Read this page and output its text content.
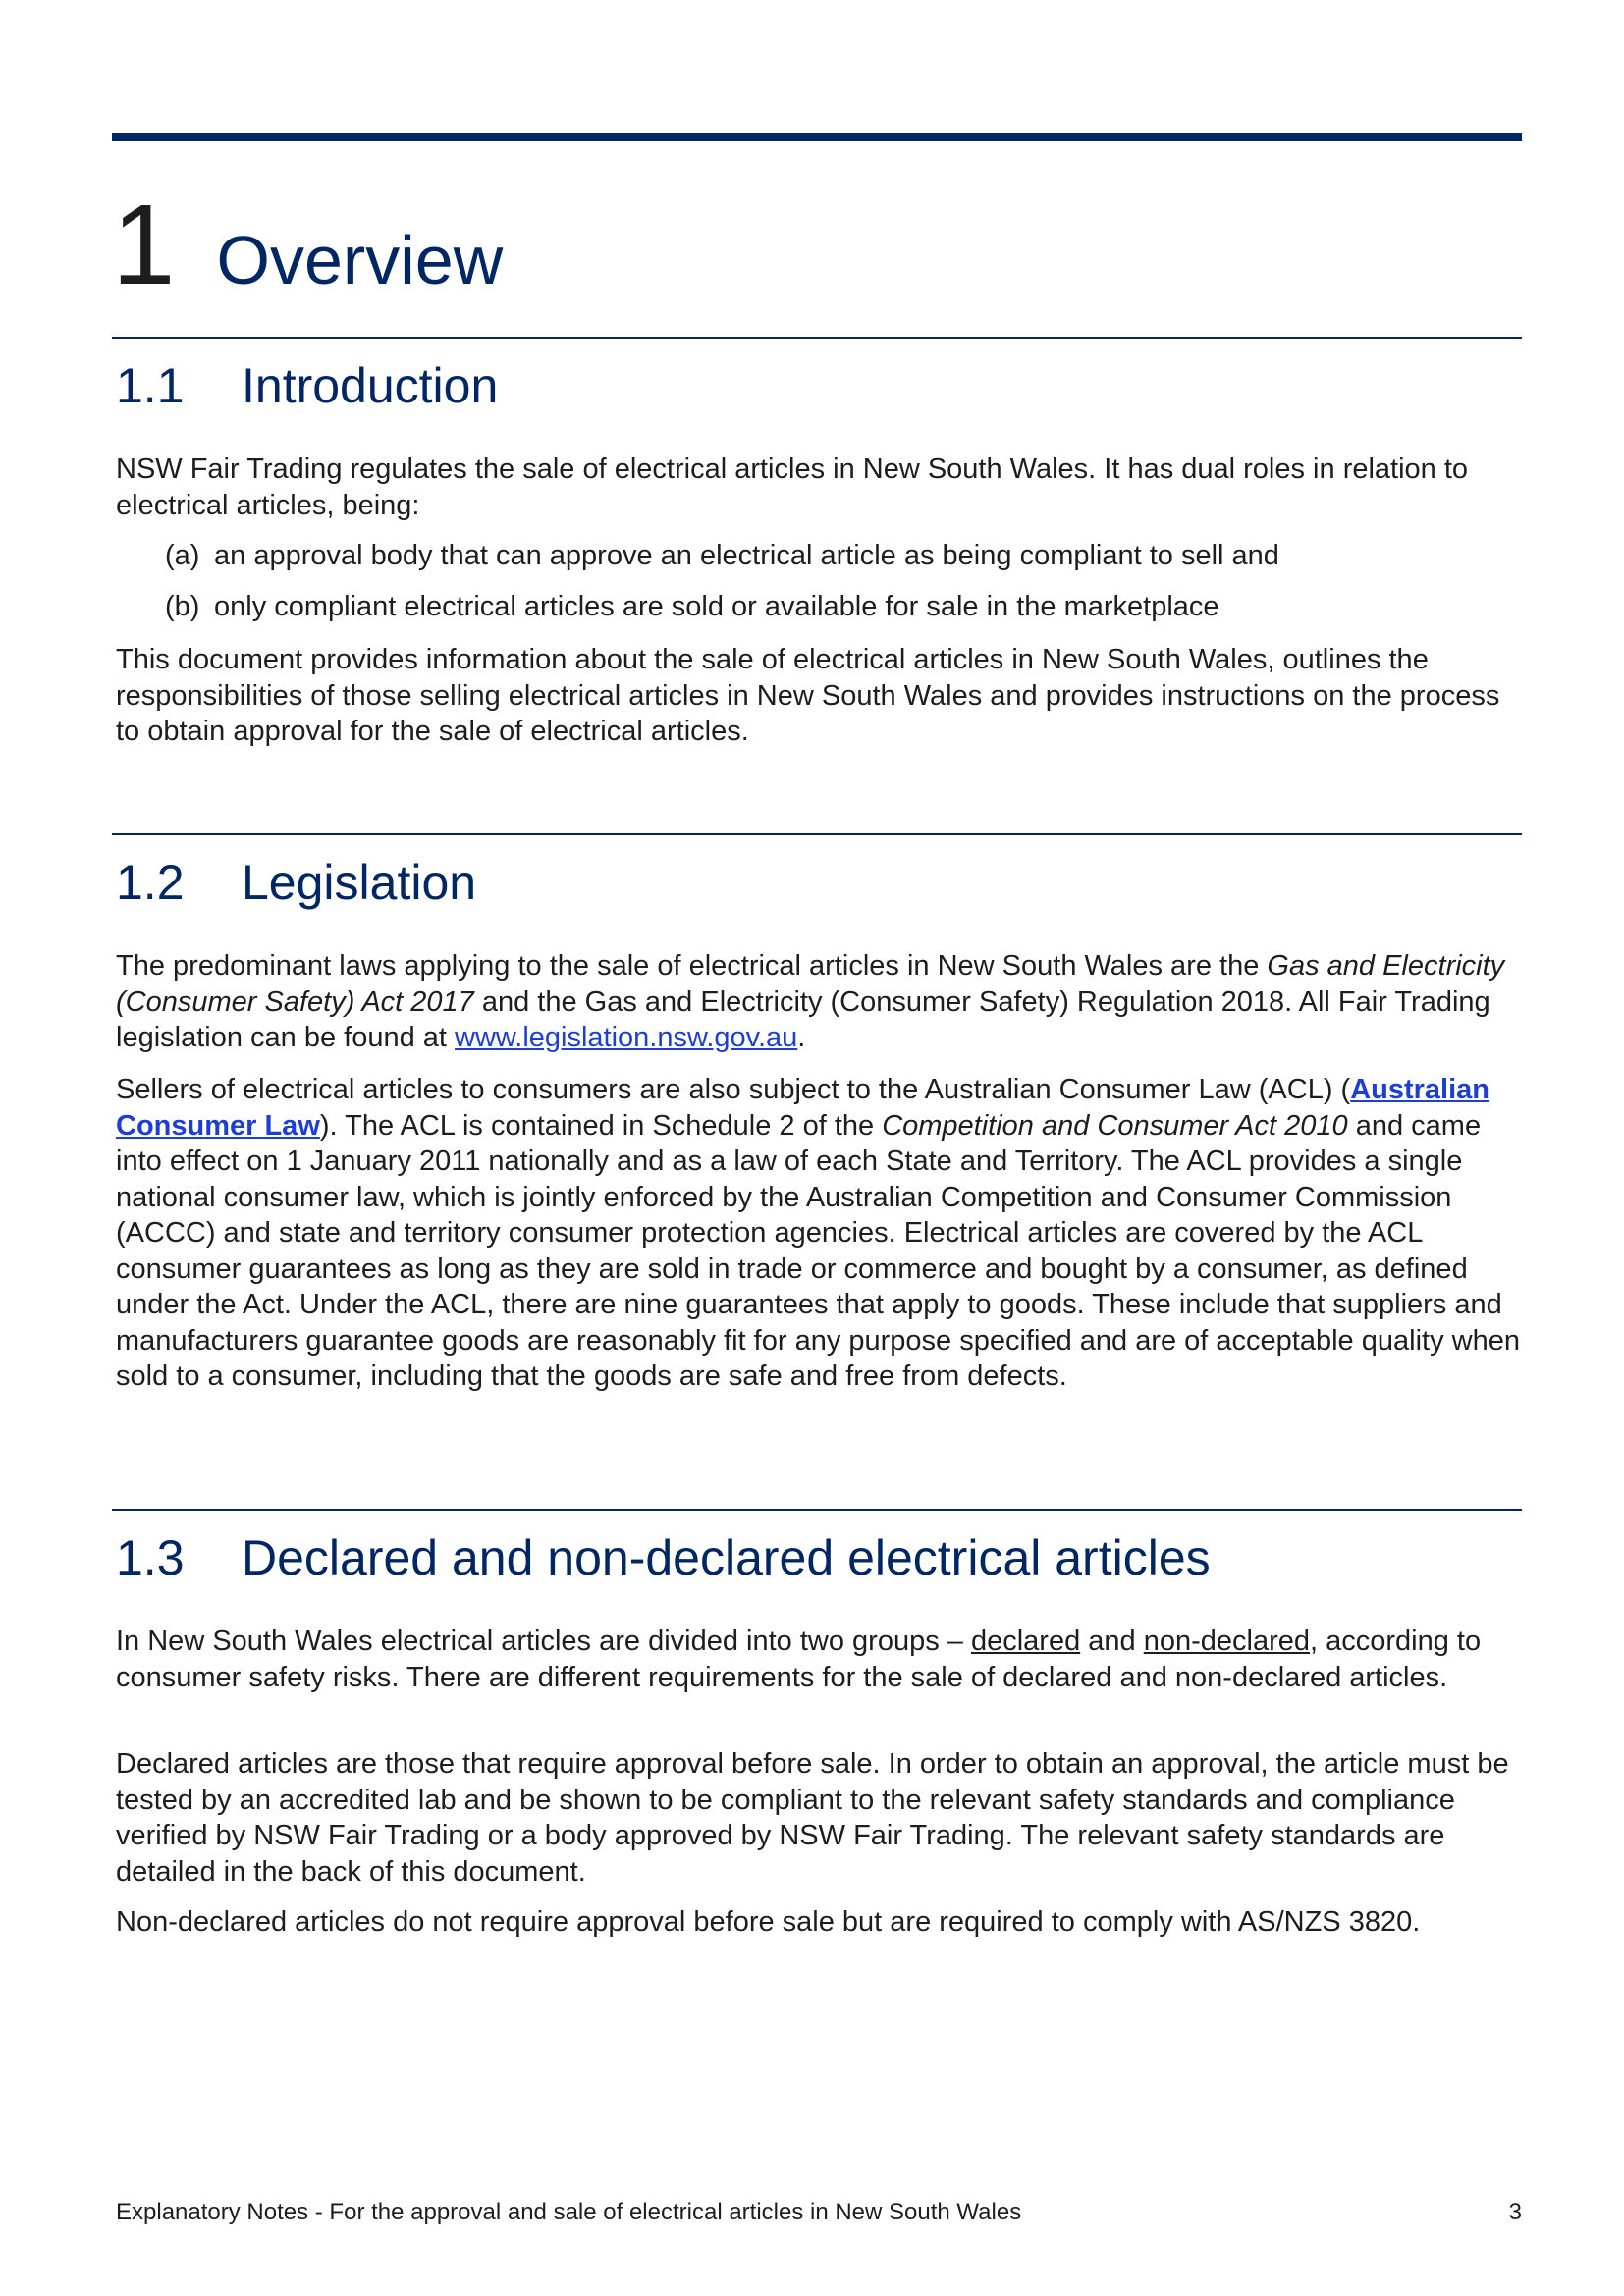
1 Overview
1.1 Introduction

NSW Fair Trading regulates the sale of electrical articles in New South Wales. It has dual roles in relation to electrical articles, being:

(a) an approval body that can approve an electrical article as being compliant to sell and

(b) only compliant electrical articles are sold or available for sale in the marketplace

This document provides information about the sale of electrical articles in New South Wales, outlines the responsibilities of those selling electrical articles in New South Wales and provides instructions on the process to obtain approval for the sale of electrical articles.

1.2 Legislation

The predominant laws applying to the sale of electrical articles in New South Wales are the Gas and Electricity (Consumer Safety) Act 2017 and the Gas and Electricity (Consumer Safety) Regulation 2018. All Fair Trading legislation can be found at www.legislation.nsw.gov.au.

Sellers of electrical articles to consumers are also subject to the Australian Consumer Law (ACL) (Australian Consumer Law). The ACL is contained in Schedule 2 of the Competition and Consumer Act 2010 and came into effect on 1 January 2011 nationally and as a law of each State and Territory. The ACL provides a single national consumer law, which is jointly enforced by the Australian Competition and Consumer Commission (ACCC) and state and territory consumer protection agencies. Electrical articles are covered by the ACL consumer guarantees as long as they are sold in trade or commerce and bought by a consumer, as defined under the Act. Under the ACL, there are nine guarantees that apply to goods. These include that suppliers and manufacturers guarantee goods are reasonably fit for any purpose specified and are of acceptable quality when sold to a consumer, including that the goods are safe and free from defects.

1.3 Declared and non-declared electrical articles

In New South Wales electrical articles are divided into two groups – declared and non-declared, according to consumer safety risks. There are different requirements for the sale of declared and non-declared articles.

Declared articles are those that require approval before sale. In order to obtain an approval, the article must be tested by an accredited lab and be shown to be compliant to the relevant safety standards and compliance verified by NSW Fair Trading or a body approved by NSW Fair Trading. The relevant safety standards are detailed in the back of this document.

Non-declared articles do not require approval before sale but are required to comply with AS/NZS 3820.

Explanatory Notes - For the approval and sale of electrical articles in New South Wales	3
